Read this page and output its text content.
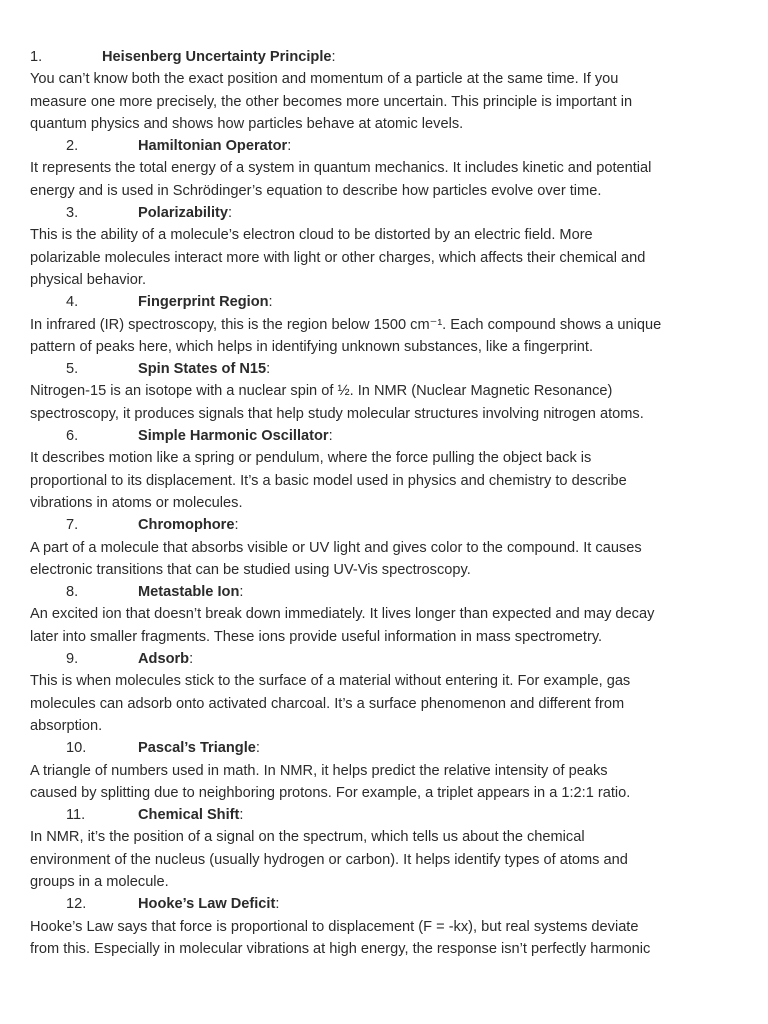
1.	Heisenberg Uncertainty Principle:

You can’t know both the exact position and momentum of a particle at the same time. If you
measure one more precisely, the other becomes more uncertain. This principle is important in
quantum physics and shows how particles behave at atomic levels.

2.	Hamiltonian Operator:

It represents the total energy of a system in quantum mechanics. It includes kinetic and potential
energy and is used in Schrödinger’s equation to describe how particles evolve over time.

3.	Polarizability:

This is the ability of a molecule’s electron cloud to be distorted by an electric field. More
polarizable molecules interact more with light or other charges, which affects their chemical and
physical behavior.

4.	Fingerprint Region:

In infrared (IR) spectroscopy, this is the region below 1500 cm⁻¹. Each compound shows a unique
pattern of peaks here, which helps in identifying unknown substances, like a fingerprint.

5.	Spin States of N15:

Nitrogen-15 is an isotope with a nuclear spin of ½. In NMR (Nuclear Magnetic Resonance)
spectroscopy, it produces signals that help study molecular structures involving nitrogen atoms.

6.	Simple Harmonic Oscillator:

It describes motion like a spring or pendulum, where the force pulling the object back is
proportional to its displacement. It’s a basic model used in physics and chemistry to describe
vibrations in atoms or molecules.

7.	Chromophore:

A part of a molecule that absorbs visible or UV light and gives color to the compound. It causes
electronic transitions that can be studied using UV-Vis spectroscopy.

8.	Metastable Ion:

An excited ion that doesn’t break down immediately. It lives longer than expected and may decay
later into smaller fragments. These ions provide useful information in mass spectrometry.

9.	Adsorb:

This is when molecules stick to the surface of a material without entering it. For example, gas
molecules can adsorb onto activated charcoal. It’s a surface phenomenon and different from
absorption.

10.	Pascal’s Triangle:

A triangle of numbers used in math. In NMR, it helps predict the relative intensity of peaks
caused by splitting due to neighboring protons. For example, a triplet appears in a 1:2:1 ratio.

11.	Chemical Shift:

In NMR, it’s the position of a signal on the spectrum, which tells us about the chemical
environment of the nucleus (usually hydrogen or carbon). It helps identify types of atoms and
groups in a molecule.

12.	Hooke’s Law Deficit:

Hooke’s Law says that force is proportional to displacement (F = -kx), but real systems deviate
from this. Especially in molecular vibrations at high energy, the response isn’t perfectly harmonic
